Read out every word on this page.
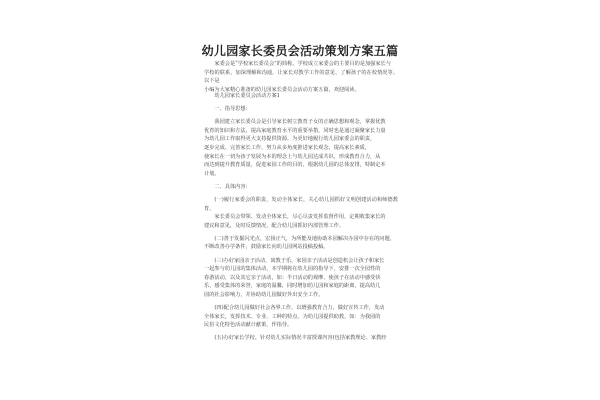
幼儿园家长委员会活动策划方案五篇

家委会是“学校家长委员会”的简称。学校成立家委会的主要目的是加强家长与

学校的联系，加深理解和沟通，让家长对教学工作的意见、了解孩子的在校情况等。以下是

小编为大家精心准备的幼儿园家长委员会活动方案五篇，欢迎阅读。

幼儿园家长委员会活动方案1

一、指导思想：

我园建立家长委员会是引导家长树立教育子女的正确思想和观念，掌握优教

优育的知识和方法，提高家庭教育水平的重要举措，同时也是通过凝聚家长力量

为幼儿园工作取得更大支持提供资源。为更好地履行幼儿园家委会的职责，

逐步完成、完善家长工作，努力从多角度推进家长观念，提高家长素质，

使家长在一切为孩子发展为本的理念上与幼儿园达成共识，形成教育合力，从

而达到提升教育质量，促进家园工作的目的，根据幼儿园的总体安排，特制定本

计划。

二、具体内容：

(一)履行家委会的职责，发动全体家长，关心幼儿园抓好文明创建活动和师德教育。

家长委员会带领、发动全体家长，尽心尽责发挥监督作用，定期收集家长的

建议和意见，及时反馈情况，配合幼儿园抓好内部管理工作。

(二)善于发掘闪光点，宏扬正气，为所能及地协助本园解决办园中存在的问题，

不断改善办学条件，鼓励家长向幼儿园网站投稿投稿。

(三)办好家园亲子活动，寓教于乐，家园亲子活动是创造机会让孩子和家长

一起参与幼儿园的集体活动，本学期将在幼儿园的指导下，安排一次全园性的

春游活动，以及其它亲子活动，如：半日活动的观摩、使孩子在活动中感受快

乐，感受集体的荣誉，家庭的温馨，同时增加幼儿园和家庭的距离，提高幼儿

园的社会影响力，并协助幼儿园做好外出安全工作。

(四)配合幼儿园做好社会各界工作，以增强教育合力，做好宣传工作，发动

全体家长，发挥技术、专业、工种的特点，为幼儿园提供助教，如：为我园的

民俗文化特色活动献计献策，作指导。

(五)办好家长学校。针对幼儿实际情况丰富授课内容(包括家教理论、家教经
